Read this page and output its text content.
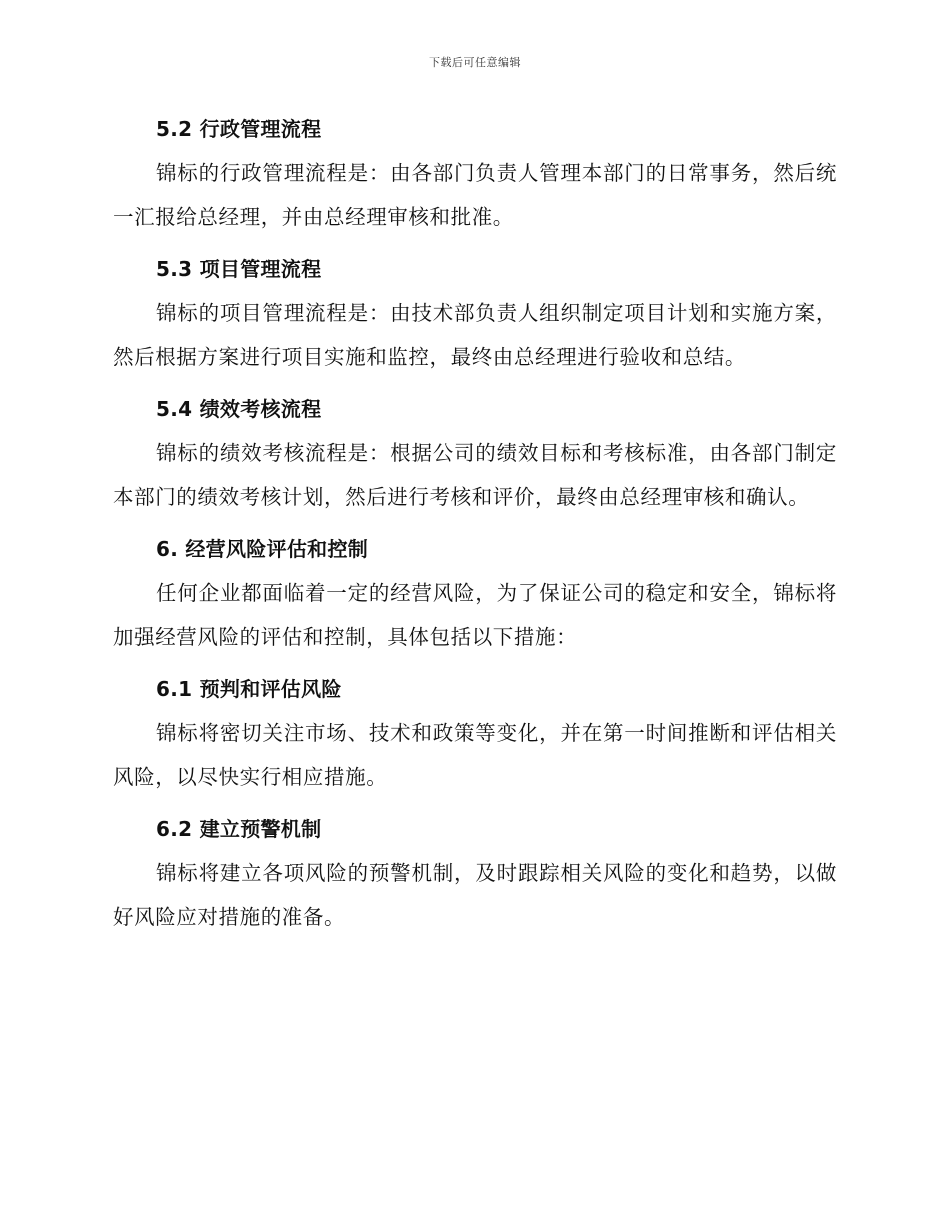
下载后可任意编辑
5.2 行政管理流程

锦标的行政管理流程是：由各部门负责人管理本部门的日常事务，然后统一汇报给总经理，并由总经理审核和批准。

5.3 项目管理流程

锦标的项目管理流程是：由技术部负责人组织制定项目计划和实施方案，然后根据方案进行项目实施和监控，最终由总经理进行验收和总结。

5.4 绩效考核流程

锦标的绩效考核流程是：根据公司的绩效目标和考核标准，由各部门制定本部门的绩效考核计划，然后进行考核和评价，最终由总经理审核和确认。

6. 经营风险评估和控制

任何企业都面临着一定的经营风险，为了保证公司的稳定和安全，锦标将加强经营风险的评估和控制，具体包括以下措施：

6.1 预判和评估风险

锦标将密切关注市场、技术和政策等变化，并在第一时间推断和评估相关风险，以尽快实行相应措施。

6.2 建立预警机制

锦标将建立各项风险的预警机制，及时跟踪相关风险的变化和趋势，以做好风险应对措施的准备。
